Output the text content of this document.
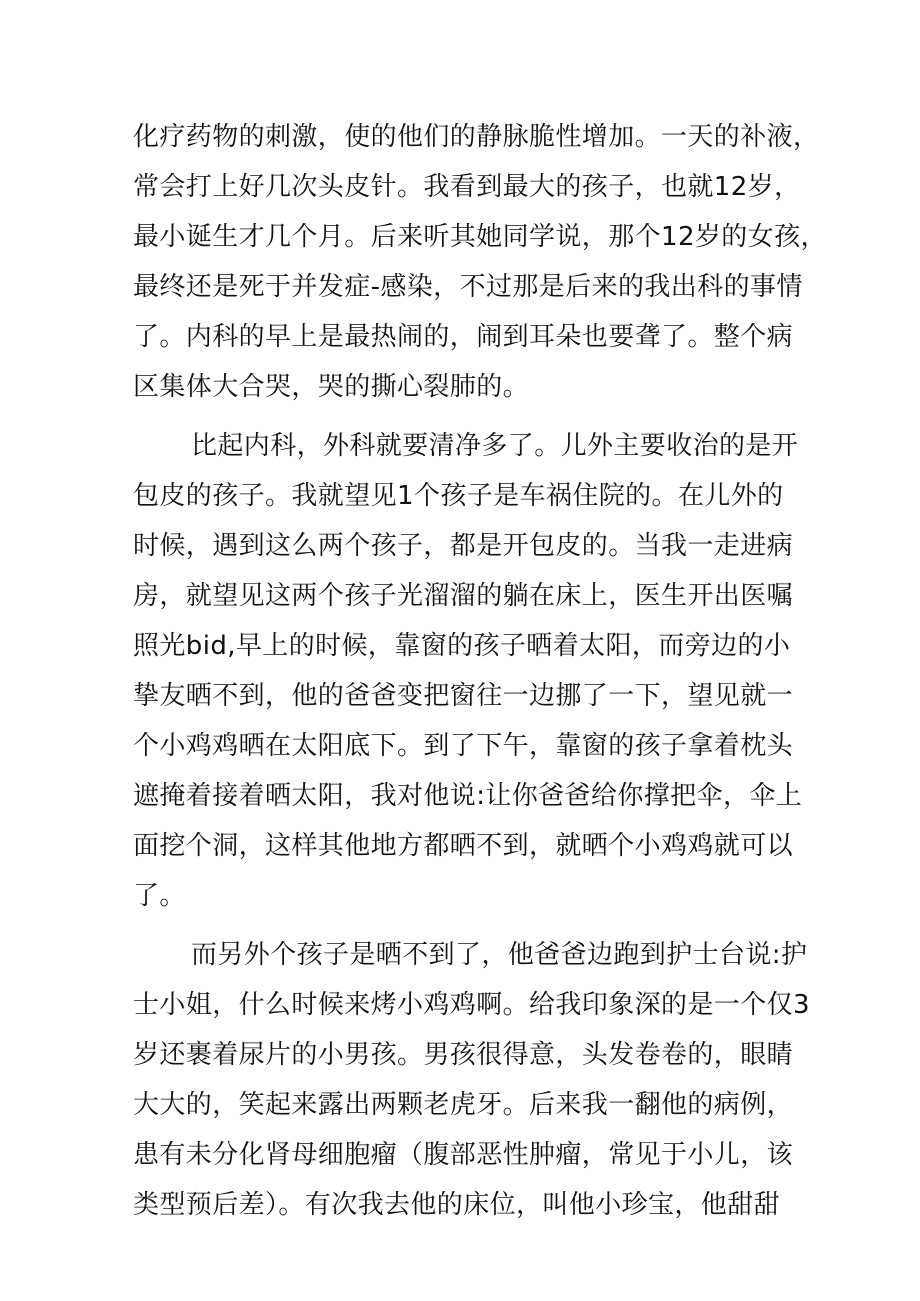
化疗药物的刺激，使的他们的静脉脆性增加。一天的补液，
常会打上好几次头皮针。我看到最大的孩子，也就12岁，
最小诞生才几个月。后来听其她同学说，那个12岁的女孩，
最终还是死于并发症-感染，不过那是后来的我出科的事情
了。内科的早上是最热闹的，闹到耳朵也要聋了。整个病
区集体大合哭，哭的撕心裂肺的。
比起内科，外科就要清净多了。儿外主要收治的是开
包皮的孩子。我就望见1个孩子是车祸住院的。在儿外的
时候，遇到这么两个孩子，都是开包皮的。当我一走进病
房，就望见这两个孩子光溜溜的躺在床上，医生开出医嘱
照光bid,早上的时候，靠窗的孩子晒着太阳，而旁边的小
挚友晒不到，他的爸爸变把窗往一边挪了一下，望见就一
个小鸡鸡晒在太阳底下。到了下午，靠窗的孩子拿着枕头
遮掩着接着晒太阳，我对他说:让你爸爸给你撑把伞，伞上
面挖个洞，这样其他地方都晒不到，就晒个小鸡鸡就可以
了。
而另外个孩子是晒不到了，他爸爸边跑到护士台说:护
士小姐，什么时候来烤小鸡鸡啊。给我印象深的是一个仅3
岁还裹着尿片的小男孩。男孩很得意，头发卷卷的，眼睛
大大的，笑起来露出两颗老虎牙。后来我一翻他的病例，
患有未分化肾母细胞瘤（腹部恶性肿瘤，常见于小儿，该
类型预后差）。有次我去他的床位，叫他小珍宝，他甜甜
